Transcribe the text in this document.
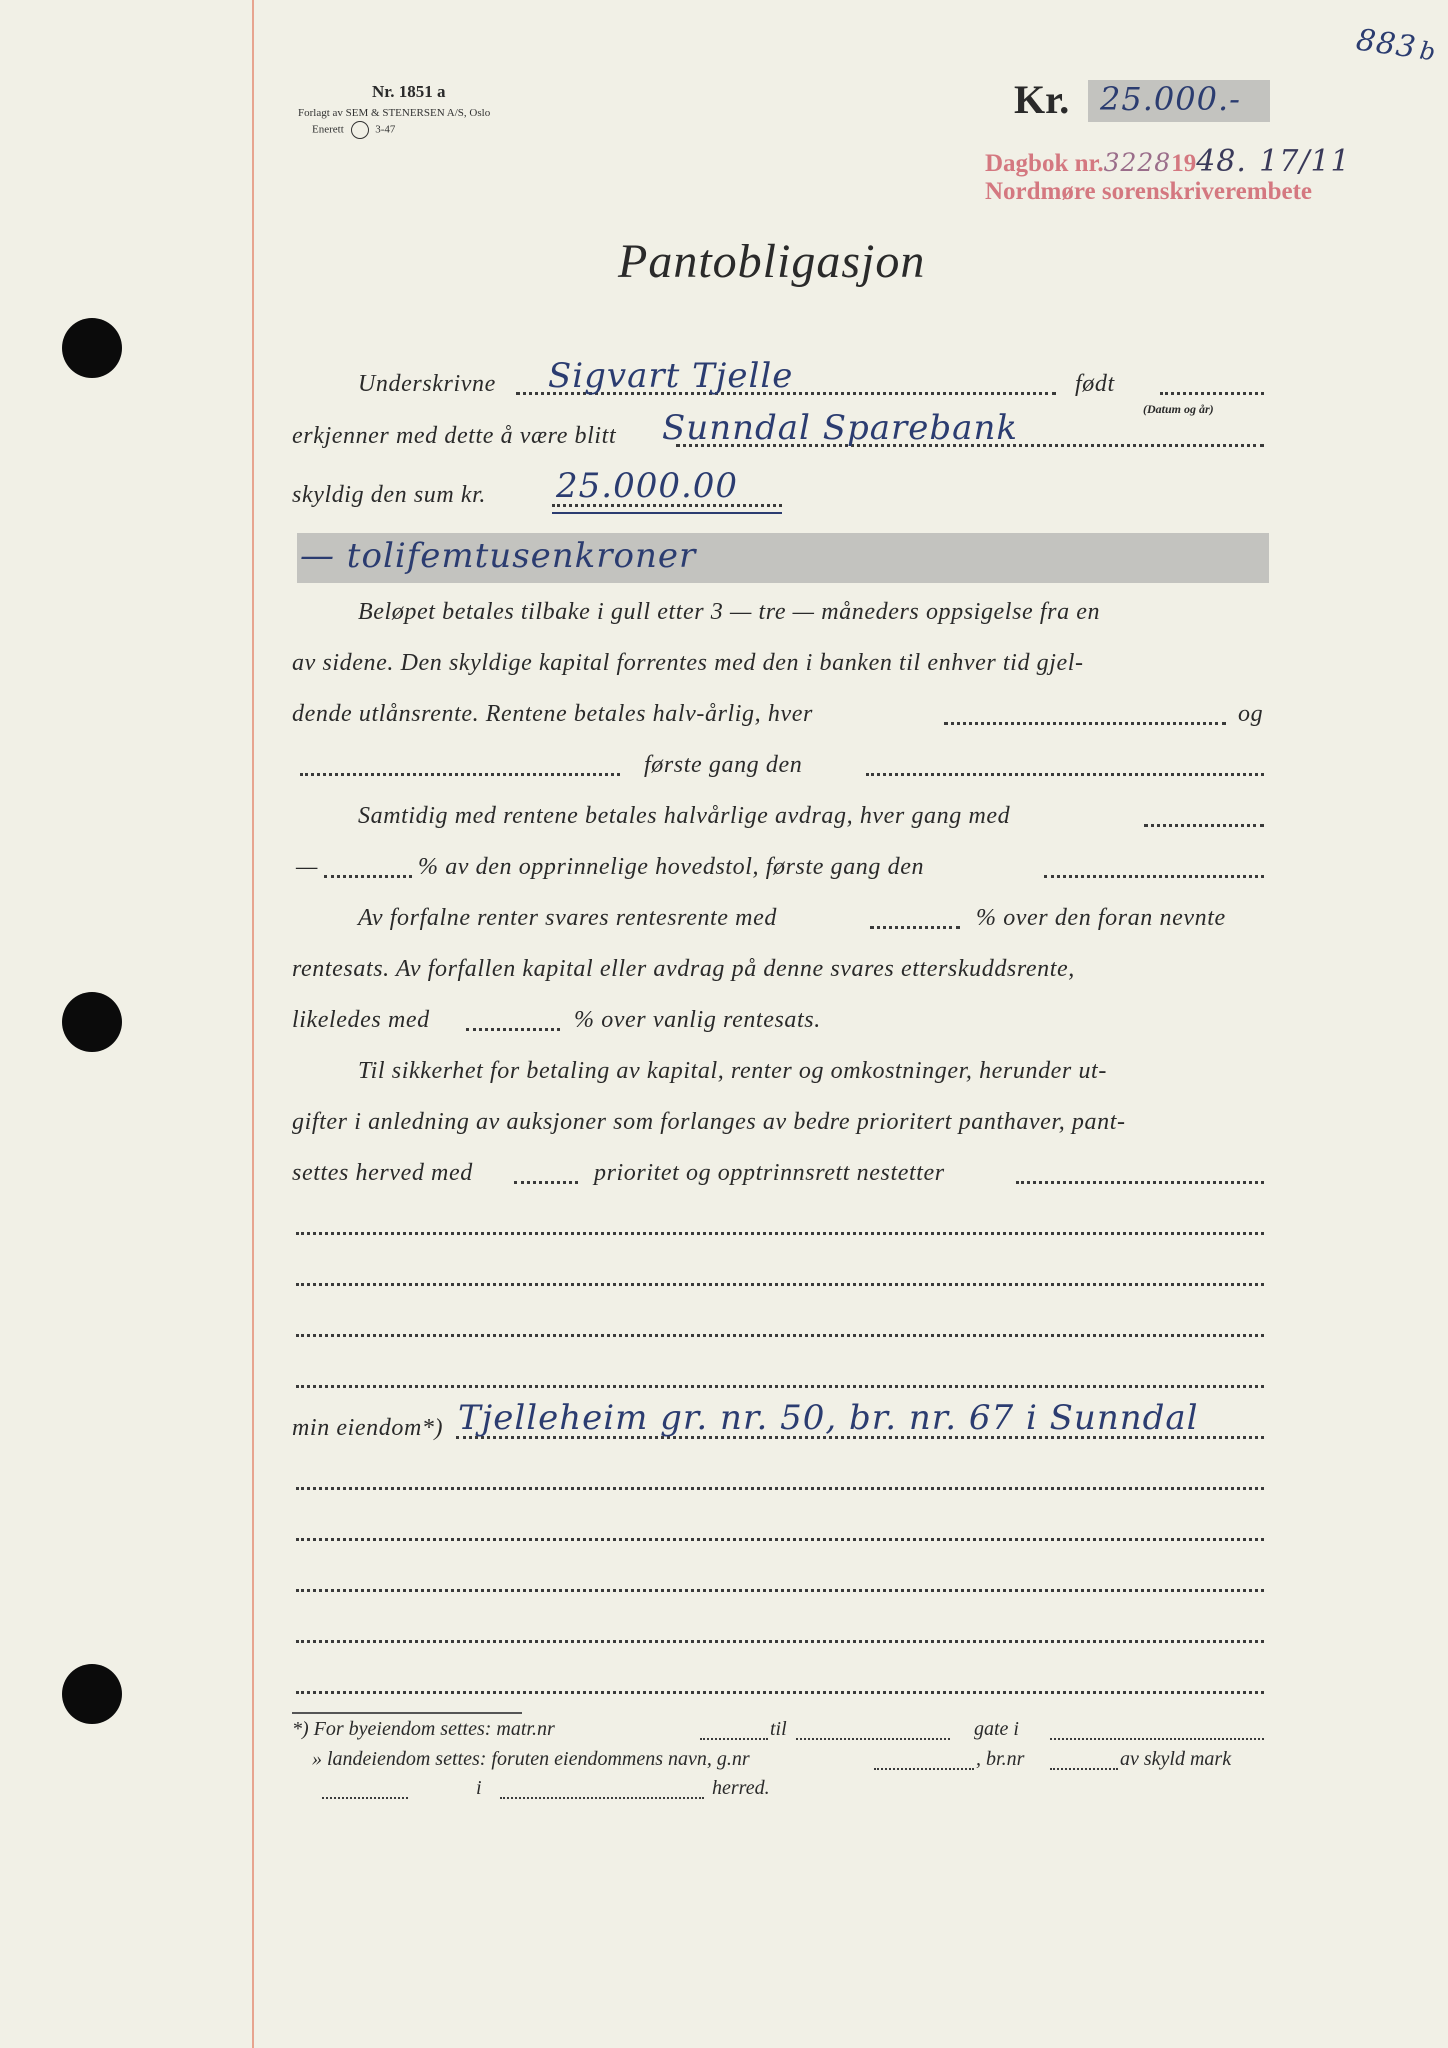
883b
Nr. 1851 a
Forlagt av SEM & STENERSEN A/S, Oslo
Enerett	3-47
Kr. 25.000.-
Dagbok nr.32281948. 17/11
Nordmøre sorenskriverembete
Pantobligasjon
Underskrivne Sigvart Tjelle	født
(Datum og år)
erkjenner med dette å være blitt Sunndal Sparebank
skyldig den sum kr. 25.000.00
— tolifemtusenkroner
Beløpet betales tilbake i gull etter 3 — tre — måneders oppsigelse fra en
av sidene. Den skyldige kapital forrentes med den i banken til enhver tid gjel-
dende utlånsrente. Rentene betales halv-årlig, hver	og
første gang den
Samtidig med rentene betales halvårlige avdrag, hver gang med
—	% av den opprinnelige hovedstol, første gang den
Av forfalne renter svares rentesrente med	% over den foran nevnte
rentesats. Av forfallen kapital eller avdrag på denne svares etterskuddsrente,
likeledes med	% over vanlig rentesats.
Til sikkerhet for betaling av kapital, renter og omkostninger, herunder ut-
gifter i anledning av auksjoner som forlanges av bedre prioritert panthaver, pant-
settes herved med	prioritet og opptrinnsrett nestetter
min eiendom*) Tjelleheim gr. nr. 50, br. nr. 67 i Sunndal
*) For byeiendom settes: matr.nr	til	gate i
» landeiendom settes: foruten eiendommens navn, g.nr	, br.nr	av skyld mark
i	herred.
